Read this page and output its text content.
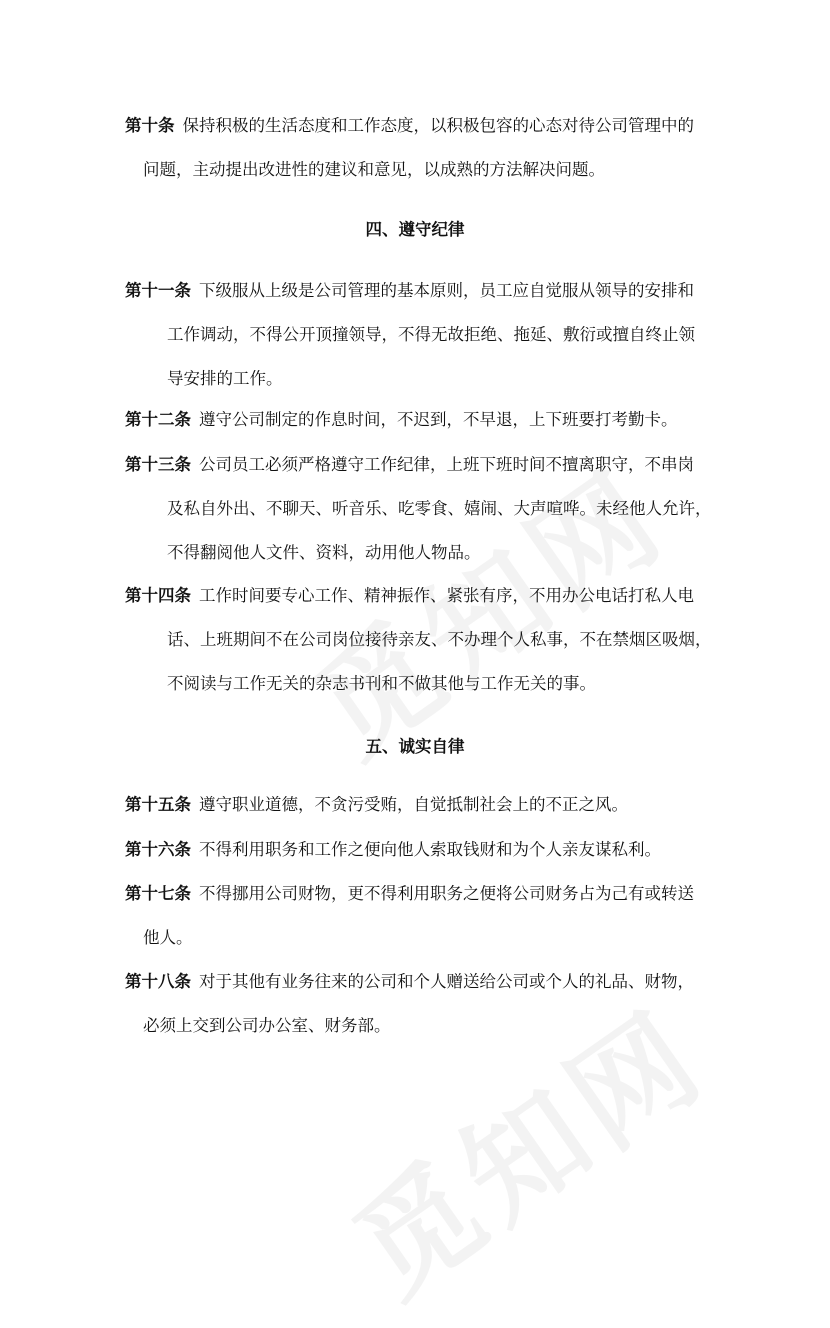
第十条 保持积极的生活态度和工作态度，以积极包容的心态对待公司管理中的
问题，主动提出改进性的建议和意见，以成熟的方法解决问题。
四、遵守纪律
第十一条 下级服从上级是公司管理的基本原则，员工应自觉服从领导的安排和
工作调动，不得公开顶撞领导，不得无故拒绝、拖延、敷衍或擅自终止领
导安排的工作。
第十二条 遵守公司制定的作息时间，不迟到，不早退，上下班要打考勤卡。
第十三条 公司员工必须严格遵守工作纪律，上班下班时间不擅离职守，不串岗
及私自外出、不聊天、听音乐、吃零食、嬉闹、大声喧哗。未经他人允许，
不得翻阅他人文件、资料，动用他人物品。
第十四条 工作时间要专心工作、精神振作、紧张有序，不用办公电话打私人电
话、上班期间不在公司岗位接待亲友、不办理个人私事，不在禁烟区吸烟，
不阅读与工作无关的杂志书刊和不做其他与工作无关的事。
五、诚实自律
第十五条 遵守职业道德，不贪污受贿，自觉抵制社会上的不正之风。
第十六条 不得利用职务和工作之便向他人索取钱财和为个人亲友谋私利。
第十七条 不得挪用公司财物，更不得利用职务之便将公司财务占为己有或转送
他人。
第十八条 对于其他有业务往来的公司和个人赠送给公司或个人的礼品、财物，
必须上交到公司办公室、财务部。
